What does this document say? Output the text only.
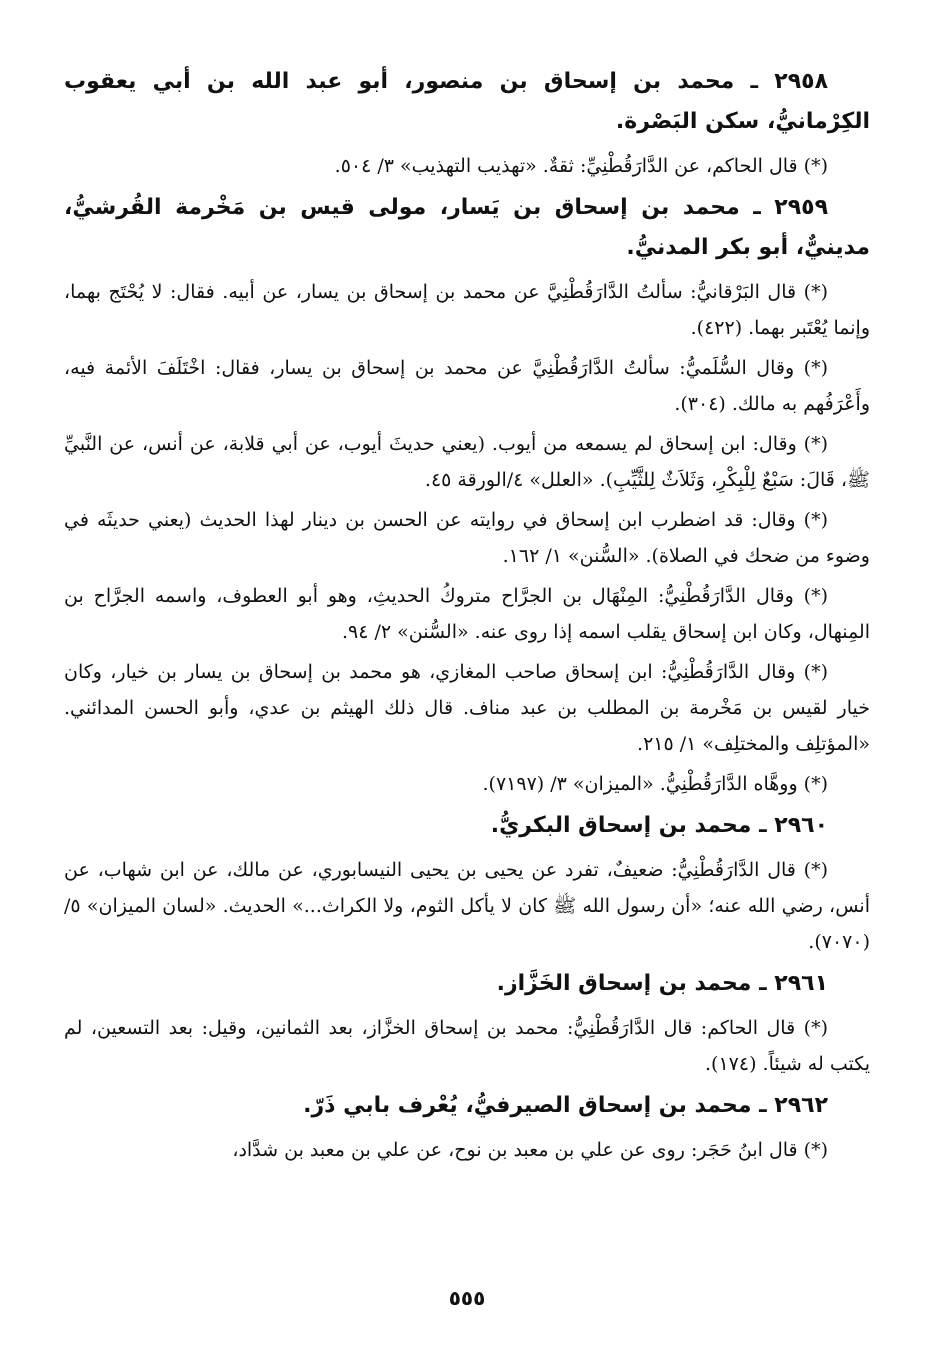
٢٩٥٨ ـ محمد بن إسحاق بن منصور، أبو عبد الله بن أبي يعقوب الكِرْمانيُّ، سكن البَصْرة.

(*) قال الحاكم، عن الدَّارَقُطْنِيِّ: ثقةٌ. «تهذيب التهذيب» ٣/ ٥٠٤.

٢٩٥٩ ـ محمد بن إسحاق بن يَسار، مولى قيس بن مَخْرمة القُرشيُّ، مدينيٌّ، أبو بكر المدنيُّ.

(*) قال البَرْقانيُّ: سألتُ الدَّارَقُطْنِيَّ عن محمد بن إسحاق بن يسار، عن أبيه. فقال: لا يُحْتَج بهما، وإنما يُعْتَبر بهما. (٤٢٢).

(*) وقال السُّلَميُّ: سألتُ الدَّارَقُطْنِيَّ عن محمد بن إسحاق بن يسار، فقال: اخْتَلَفَ الأئمة فيه، وأَعْرَفُهم به مالك. (٣٠٤).

(*) وقال: ابن إسحاق لم يسمعه من أيوب. (يعني حديثَ أيوب، عن أبي قلابة، عن أنس، عن النَّبيِّ ﷺ، قَالَ: سَبْعٌ لِلْبِكْرِ، وَثَلاَثٌ لِلثَّيِّبِ). «العلل» ٤/الورقة ٤٥.

(*) وقال: قد اضطرب ابن إسحاق في روايته عن الحسن بن دينار لهذا الحديث (يعني حديثَه في وضوء من ضحك في الصلاة). «السُّنن» ١/ ١٦٢.

(*) وقال الدَّارَقُطْنِيُّ: المِنْهَال بن الجرَّاح متروكُ الحديثِ، وهو أبو العطوف، واسمه الجرَّاح بن المِنهال، وكان ابن إسحاق يقلب اسمه إذا روى عنه. «السُّنن» ٢/ ٩٤.

(*) وقال الدَّارَقُطْنِيُّ: ابن إسحاق صاحب المغازي، هو محمد بن إسحاق بن يسار بن خيار، وكان خيار لقيس بن مَخْرمة بن المطلب بن عبد مناف. قال ذلك الهيثم بن عدي، وأبو الحسن المدائني. «المؤتلِف والمختلِف» ١/ ٢١٥.

(*) ووهَّاه الدَّارَقُطْنِيُّ. «الميزان» ٣/ (٧١٩٧).

٢٩٦٠ ـ محمد بن إسحاق البكريُّ.

(*) قال الدَّارَقُطْنِيُّ: ضعيفٌ، تفرد عن يحيى بن يحيى النيسابوري، عن مالك، عن ابن شهاب، عن أنس، رضي الله عنه؛ «أن رسول الله ﷺ كان لا يأكل الثوم، ولا الكراث...» الحديث. «لسان الميزان» ٥/ (٧٠٧٠).

٢٩٦١ ـ محمد بن إسحاق الخَزَّاز.

(*) قال الحاكم: قال الدَّارَقُطْنِيُّ: محمد بن إسحاق الخزَّاز، بعد الثمانين، وقيل: بعد التسعين، لم يكتب له شيئاً. (١٧٤).

٢٩٦٢ ـ محمد بن إسحاق الصيرفيُّ، يُعْرف بابي ذَرّ.

(*) قال ابنُ حَجَر: روى عن علي بن معبد بن نوح، عن علي بن معبد بن شدَّاد،

٥٥٥
